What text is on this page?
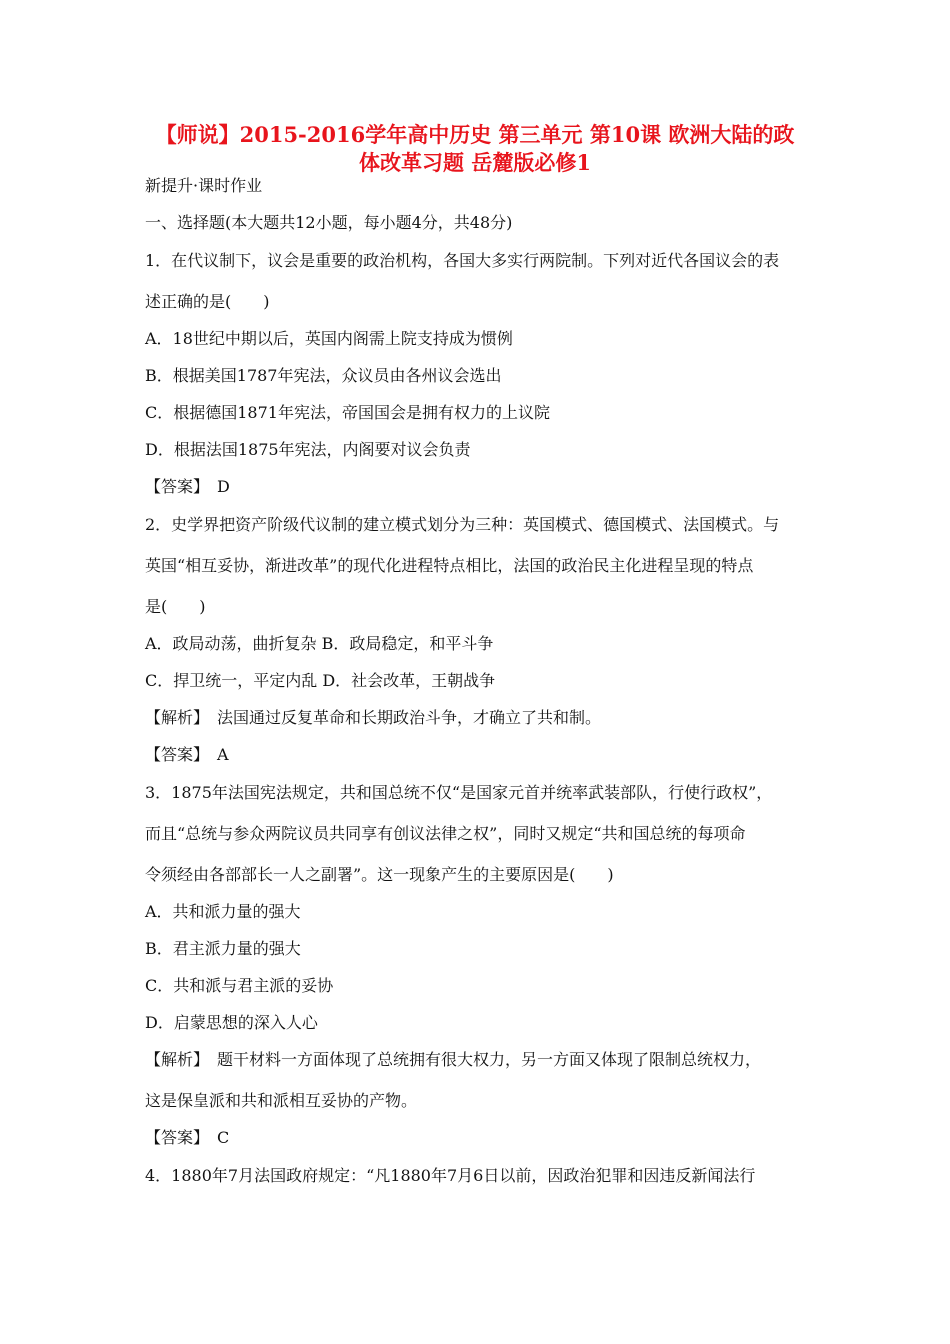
【师说】2015-2016学年高中历史 第三单元 第10课 欧洲大陆的政
体改革习题 岳麓版必修1
新提升·课时作业
一、选择题(本大题共12小题，每小题4分，共48分)
1．在代议制下，议会是重要的政治机构，各国大多实行两院制。下列对近代各国议会的表
述正确的是(　　)
A．18世纪中期以后，英国内阁需上院支持成为惯例
B．根据美国1787年宪法，众议员由各州议会选出
C．根据德国1871年宪法，帝国国会是拥有权力的上议院
D．根据法国1875年宪法，内阁要对议会负责
【答案】　D
2．史学界把资产阶级代议制的建立模式划分为三种：英国模式、德国模式、法国模式。与
英国“相互妥协，渐进改革”的现代化进程特点相比，法国的政治民主化进程呈现的特点
是(　　)
A．政局动荡，曲折复杂 B．政局稳定，和平斗争
C．捍卫统一，平定内乱 D．社会改革，王朝战争
【解析】　法国通过反复革命和长期政治斗争，才确立了共和制。
【答案】　A
3．1875年法国宪法规定，共和国总统不仅“是国家元首并统率武装部队，行使行政权”，
而且“总统与参众两院议员共同享有创议法律之权”，同时又规定“共和国总统的每项命
令须经由各部部长一人之副署”。这一现象产生的主要原因是(　　)
A．共和派力量的强大
B．君主派力量的强大
C．共和派与君主派的妥协
D．启蒙思想的深入人心
【解析】　题干材料一方面体现了总统拥有很大权力，另一方面又体现了限制总统权力，
这是保皇派和共和派相互妥协的产物。
【答案】　C
4．1880年7月法国政府规定：“凡1880年7月6日以前，因政治犯罪和因违反新闻法行
